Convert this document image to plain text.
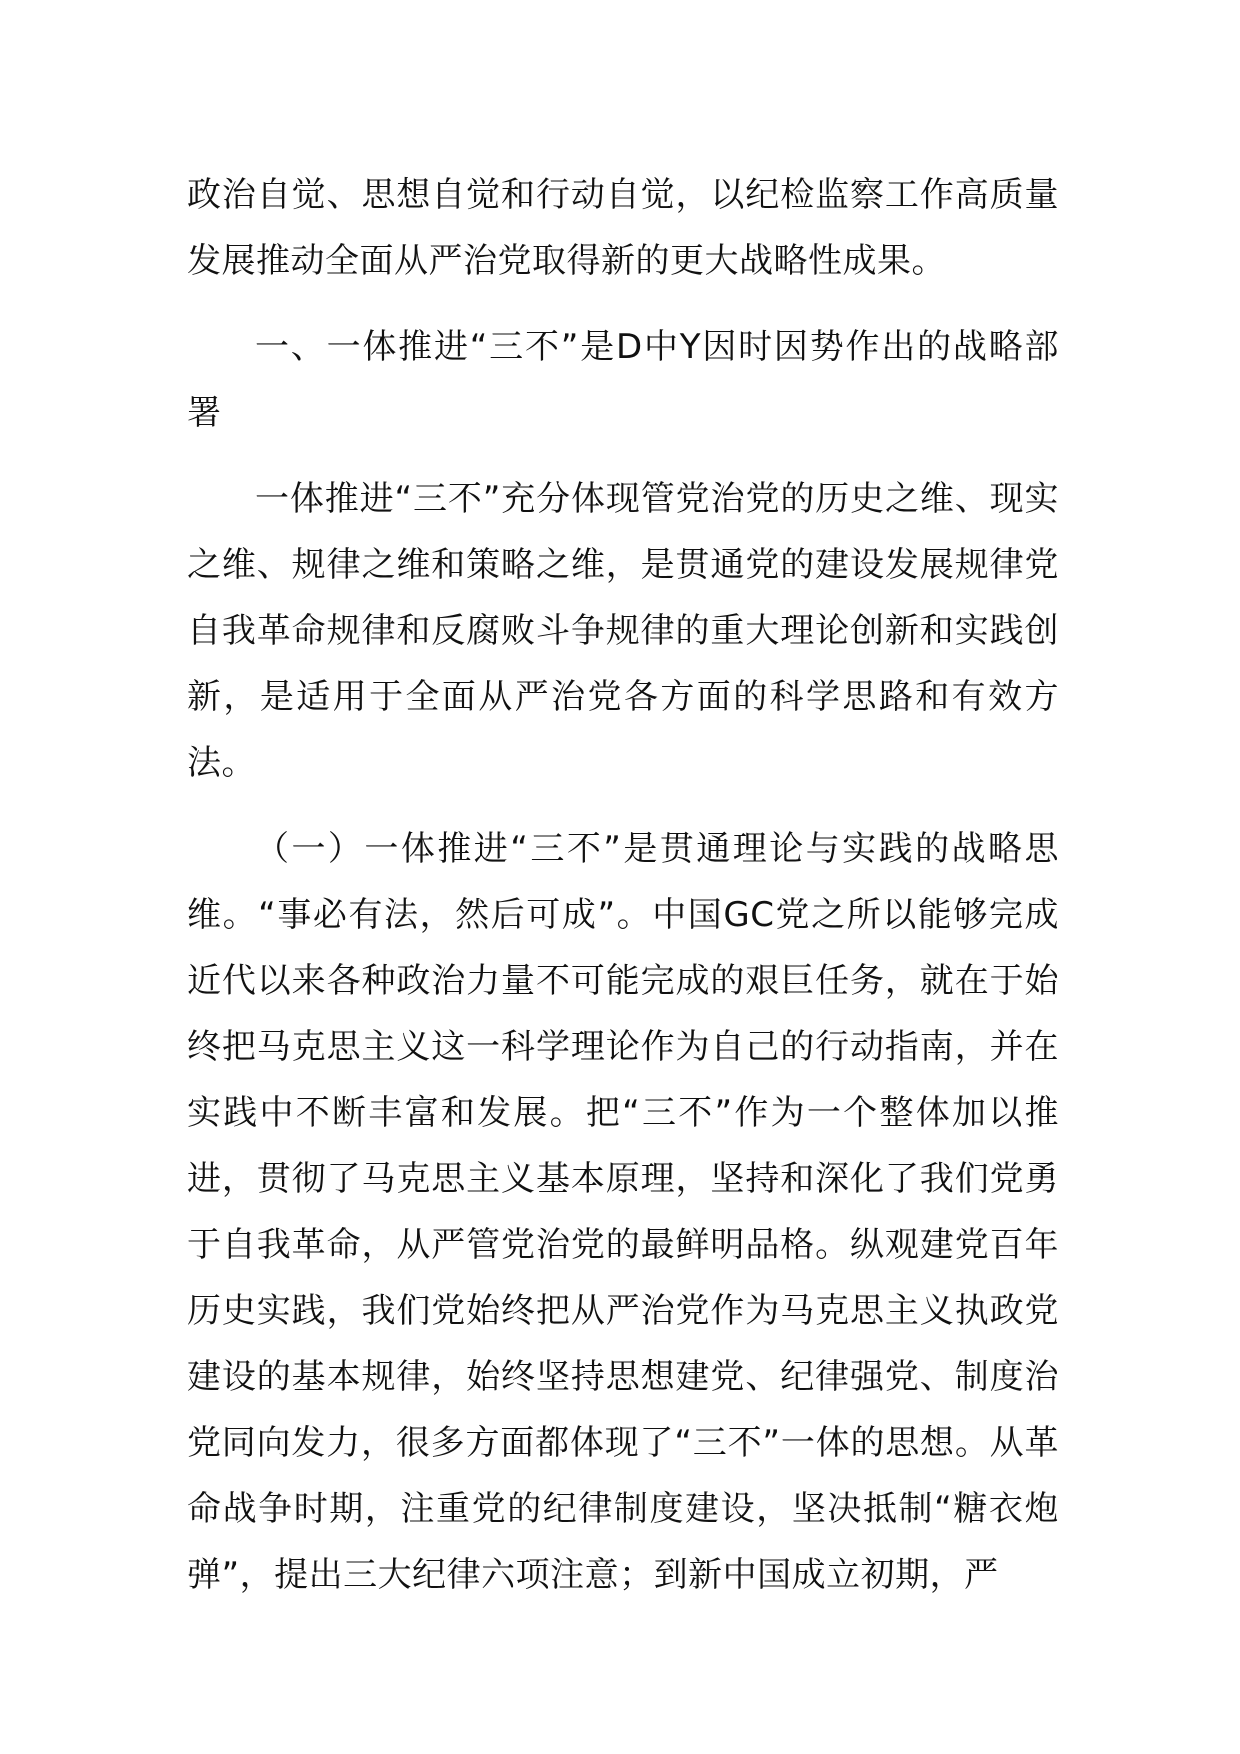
政治自觉、思想自觉和行动自觉，以纪检监察工作高质量发展推动全面从严治党取得新的更大战略性成果。

一、一体推进“三不”是D中Y因时因势作出的战略部署

一体推进“三不”充分体现管党治党的历史之维、现实之维、规律之维和策略之维，是贯通党的建设发展规律党自我革命规律和反腐败斗争规律的重大理论创新和实践创新，是适用于全面从严治党各方面的科学思路和有效方法。

（一）一体推进“三不”是贯通理论与实践的战略思维。“事必有法，然后可成”。中国GC党之所以能够完成近代以来各种政治力量不可能完成的艰巨任务，就在于始终把马克思主义这一科学理论作为自己的行动指南，并在实践中不断丰富和发展。把“三不”作为一个整体加以推进，贯彻了马克思主义基本原理，坚持和深化了我们党勇于自我革命，从严管党治党的最鲜明品格。纵观建党百年历史实践，我们党始终把从严治党作为马克思主义执政党建设的基本规律，始终坚持思想建党、纪律强党、制度治党同向发力，很多方面都体现了“三不”一体的思想。从革命战争时期，注重党的纪律制度建设，坚决抵制“糖衣炮弹”，提出三大纪律六项注意；到新中国成立初期，严
